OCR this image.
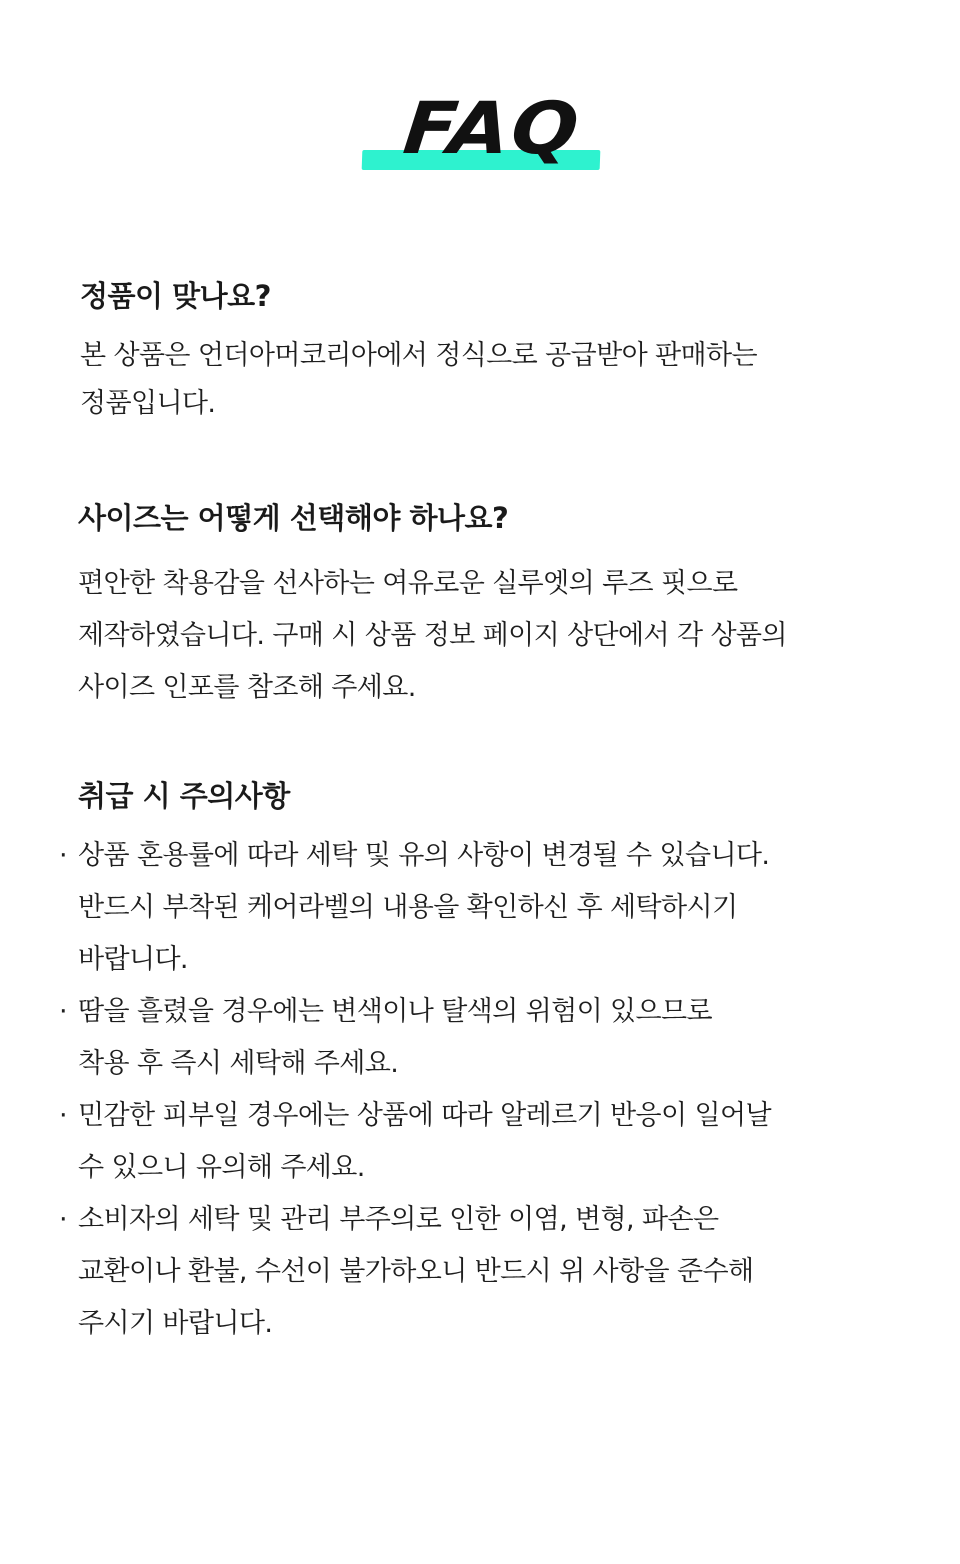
FAQ
정품이 맞나요?

본 상품은 언더아머코리아에서 정식으로 공급받아 판매하는
정품입니다.

사이즈는 어떻게 선택해야 하나요?

편안한 착용감을 선사하는 여유로운 실루엣의 루즈 핏으로
제작하였습니다. 구매 시 상품 정보 페이지 상단에서 각 상품의
사이즈 인포를 참조해 주세요.

취급 시 주의사항
· 상품 혼용률에 따라 세탁 및 유의 사항이 변경될 수 있습니다.
반드시 부착된 케어라벨의 내용을 확인하신 후 세탁하시기
바랍니다.
· 땀을 흘렸을 경우에는 변색이나 탈색의 위험이 있으므로
착용 후 즉시 세탁해 주세요.
· 민감한 피부일 경우에는 상품에 따라 알레르기 반응이 일어날
수 있으니 유의해 주세요.
· 소비자의 세탁 및 관리 부주의로 인한 이염, 변형, 파손은
교환이나 환불, 수선이 불가하오니 반드시 위 사항을 준수해
주시기 바랍니다.
